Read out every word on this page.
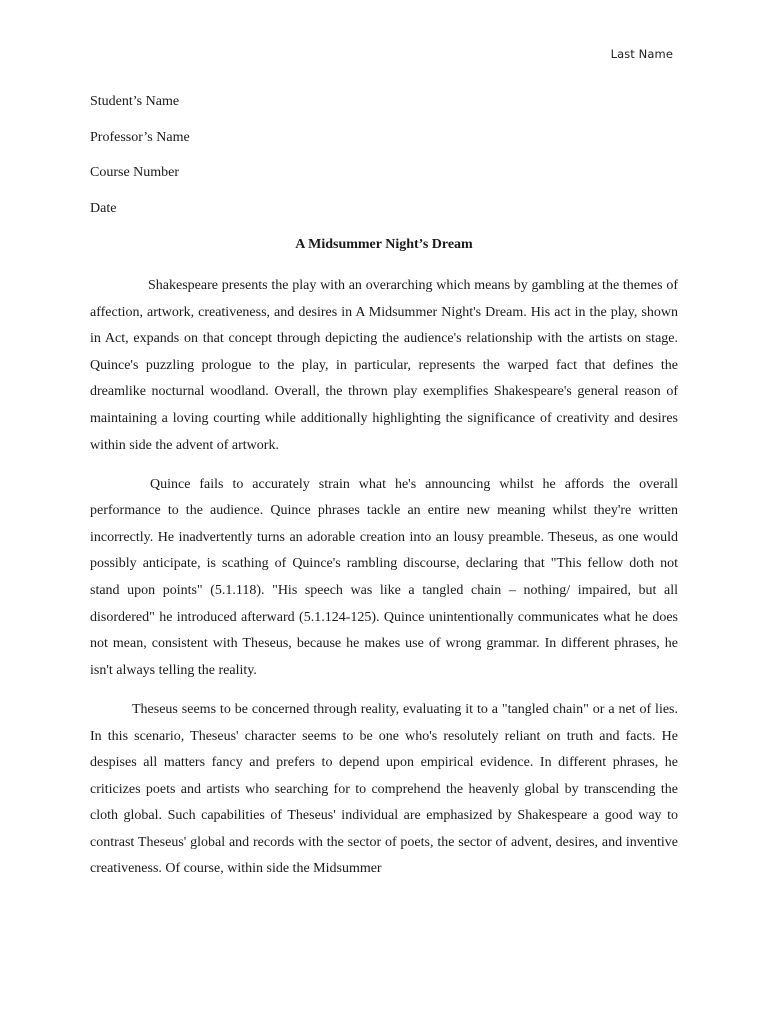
Last Name
Student’s Name
Professor’s Name
Course Number
Date
A Midsummer Night’s Dream

Shakespeare presents the play with an overarching which means by gambling at the themes of affection, artwork, creativeness, and desires in A Midsummer Night's Dream. His act in the play, shown in Act, expands on that concept through depicting the audience's relationship with the artists on stage. Quince's puzzling prologue to the play, in particular, represents the warped fact that defines the dreamlike nocturnal woodland. Overall, the thrown play exemplifies Shakespeare's general reason of maintaining a loving courting while additionally highlighting the significance of creativity and desires within side the advent of artwork.

Quince fails to accurately strain what he's announcing whilst he affords the overall performance to the audience. Quince phrases tackle an entire new meaning whilst they're written incorrectly. He inadvertently turns an adorable creation into an lousy preamble. Theseus, as one would possibly anticipate, is scathing of Quince's rambling discourse, declaring that "This fellow doth not stand upon points" (5.1.118). "His speech was like a tangled chain – nothing/ impaired, but all disordered" he introduced afterward (5.1.124-125). Quince unintentionally communicates what he does not mean, consistent with Theseus, because he makes use of wrong grammar. In different phrases, he isn't always telling the reality.

Theseus seems to be concerned through reality, evaluating it to a "tangled chain" or a net of lies. In this scenario, Theseus' character seems to be one who's resolutely reliant on truth and facts. He despises all matters fancy and prefers to depend upon empirical evidence. In different phrases, he criticizes poets and artists who searching for to comprehend the heavenly global by transcending the cloth global. Such capabilities of Theseus' individual are emphasized by Shakespeare a good way to contrast Theseus' global and records with the sector of poets, the sector of advent, desires, and inventive creativeness. Of course, within side the Midsummer
